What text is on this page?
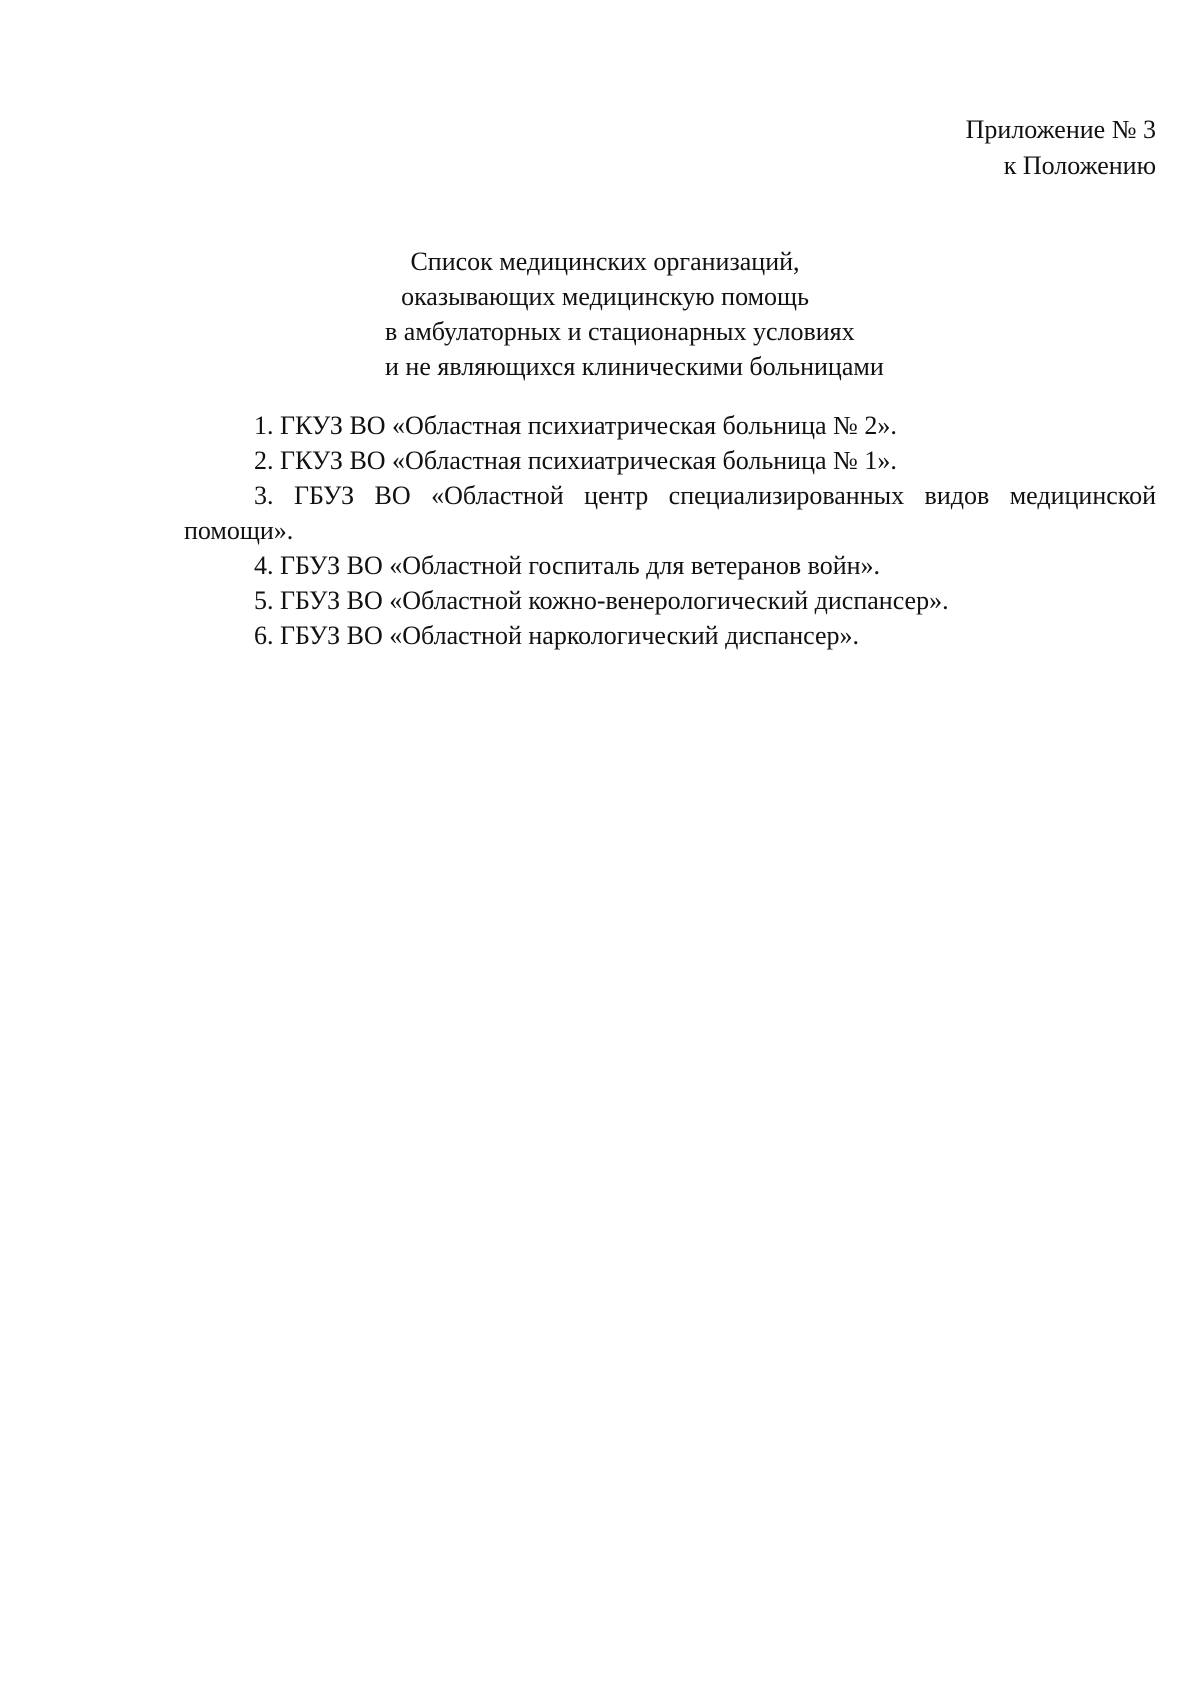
Приложение № 3
к Положению
Список медицинских организаций,
оказывающих медицинскую помощь
в амбулаторных и стационарных условиях
и не являющихся клиническими больницами
1. ГКУЗ ВО «Областная психиатрическая больница № 2».
2. ГКУЗ ВО «Областная психиатрическая больница № 1».
3. ГБУЗ ВО «Областной центр специализированных видов медицинской помощи».
4. ГБУЗ ВО «Областной госпиталь для ветеранов войн».
5. ГБУЗ ВО «Областной кожно-венерологический диспансер».
6. ГБУЗ ВО «Областной наркологический диспансер».
